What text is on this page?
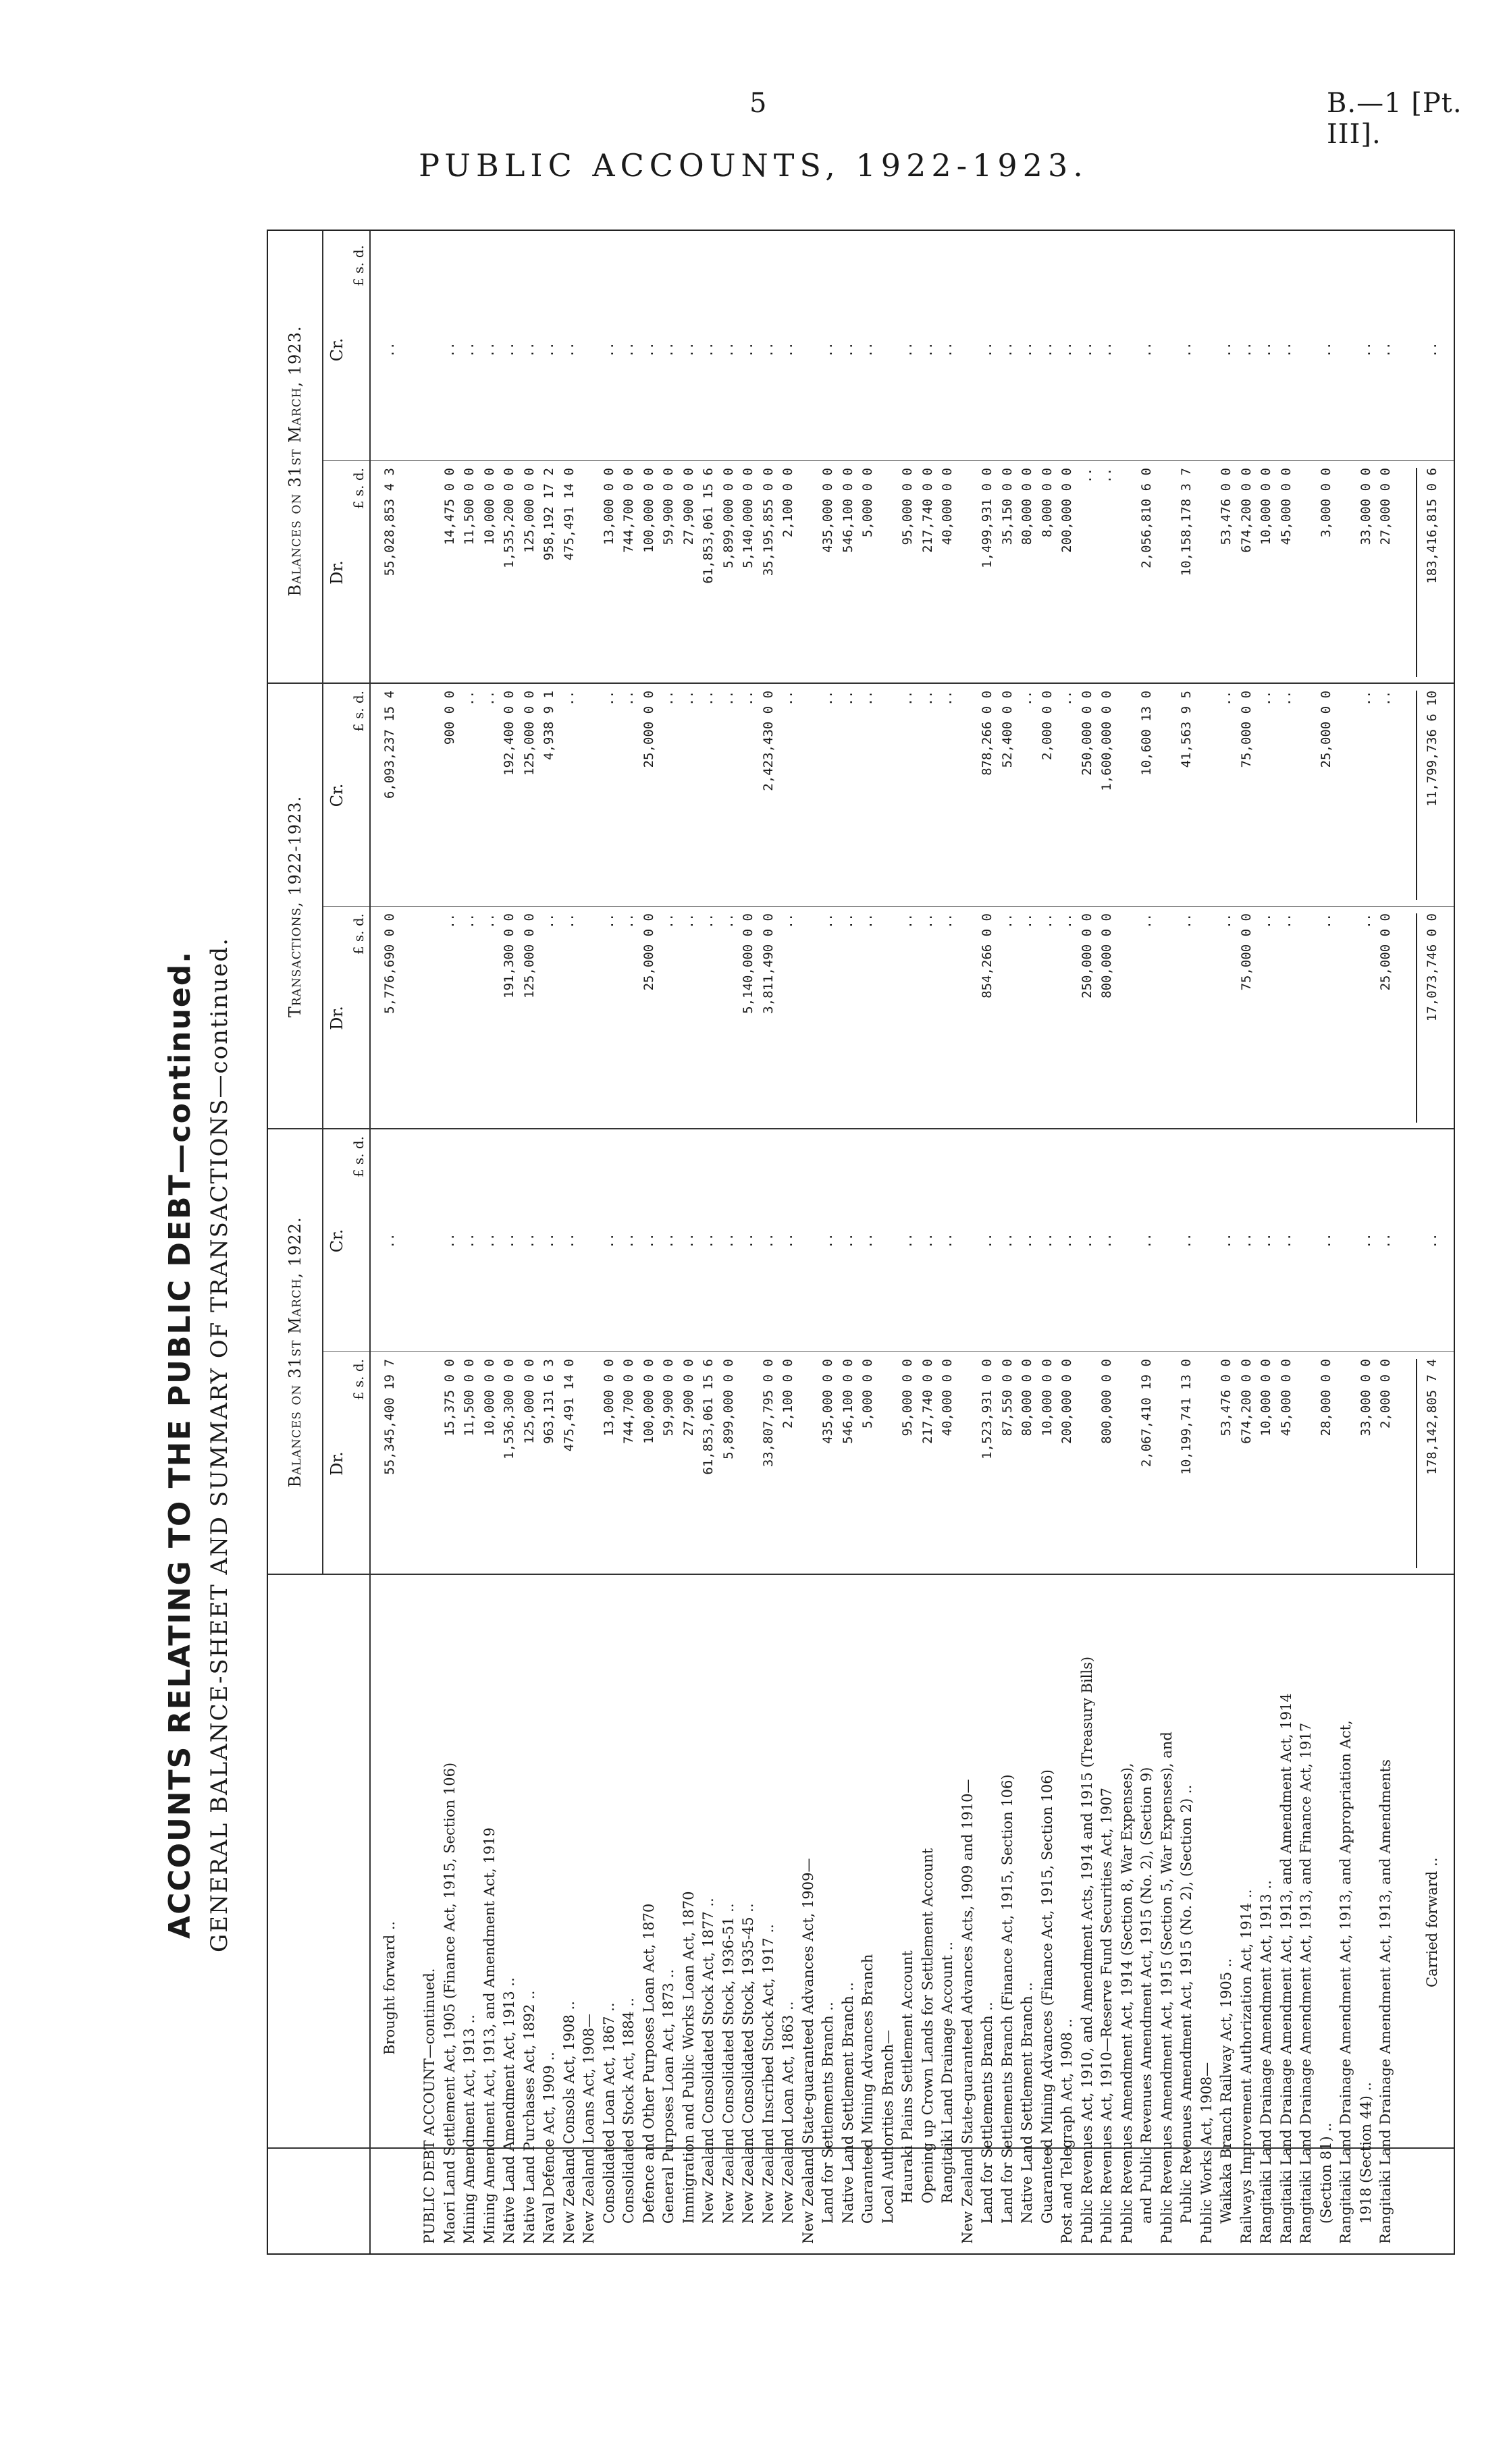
5	B.—1 [Pt. III].
PUBLIC ACCOUNTS, 1922-1923.
ACCOUNTS RELATING TO THE PUBLIC DEBT—continued. GENERAL BALANCE-SHEET AND SUMMARY OF TRANSACTIONS—continued.	Balances on 31st March, 1922.
Transactions, 1922-1923.
Balances on 31st March, 1923.
Dr.
Cr.
Dr.
Cr.
Dr.
Cr.
£ s. d.
£ s. d.
£ s. d.
£ s. d.
£ s. d.
£ s. d.
Brought forward ..
55,345,400 19 7
..
5,776,690 0 0
6,093,237 15 4
55,028,853 4 3
..
PUBLIC DEBT ACCOUNT—continued. Maori Land Settlement Act, 1905 (Finance Act, 1915, Section 106)
15,375 0 0
..
..
900 0 0
14,475 0 0
..
Mining Amendment Act, 1913 ..
11,500 0 0
..
..
..
11,500 0 0
..
Mining Amendment Act, 1913, and Amendment Act, 1919
10,000 0 0
..
..
..
10,000 0 0
..
Native Land Amendment Act, 1913 ..
1,536,300 0 0
..
191,300 0 0
192,400 0 0
1,535,200 0 0
..
Native Land Purchases Act, 1892 ..
125,000 0 0
..
125,000 0 0
125,000 0 0
125,000 0 0
..
Naval Defence Act, 1909 ..
963,131 6 3
..
..
4,938 9 1
958,192 17 2
..
New Zealand Consols Act, 1908 ..
475,491 14 0
..
..
..
475,491 14 0
..
New Zealand Loans Act, 1908— Consolidated Loan Act, 1867 ..
13,000 0 0
..
..
..
13,000 0 0
..
Consolidated Stock Act, 1884 ..
744,700 0 0
..
..
..
744,700 0 0
..
Defence and Other Purposes Loan Act, 1870
100,000 0 0
..
25,000 0 0
25,000 0 0
100,000 0 0
..
General Purposes Loan Act, 1873 ..
59,900 0 0
..
..
..
59,900 0 0
..
Immigration and Public Works Loan Act, 1870
27,900 0 0
..
..
..
27,900 0 0
..
New Zealand Consolidated Stock Act, 1877 ..
61,853,061 15 6
..
..
..
61,853,061 15 6
..
New Zealand Consolidated Stock, 1936-51 ..
5,899,000 0 0
..
..
..
5,899,000 0 0
..
New Zealand Consolidated Stock, 1935-45 ..
..
5,140,000 0 0
..
5,140,000 0 0
..
New Zealand Inscribed Stock Act, 1917 ..
33,807,795 0 0
..
3,811,490 0 0
2,423,430 0 0
35,195,855 0 0
..
New Zealand Loan Act, 1863 ..
2,100 0 0
..
..
..
2,100 0 0
..
New Zealand State-guaranteed Advances Act, 1909— Land for Settlements Branch ..
435,000 0 0
..
..
..
435,000 0 0
..
Native Land Settlement Branch ..
546,100 0 0
..
..
..
546,100 0 0
..
Guaranteed Mining Advances Branch
5,000 0 0
..
..
..
5,000 0 0
..
Local Authorities Branch— Hauraki Plains Settlement Account
95,000 0 0
..
..
..
95,000 0 0
..
Opening up Crown Lands for Settlement Account
217,740 0 0
..
..
..
217,740 0 0
..
Rangitaiki Land Drainage Account ..
40,000 0 0
..
..
..
40,000 0 0
..
New Zealand State-guaranteed Advances Acts, 1909 and 1910— Land for Settlements Branch ..
1,523,931 0 0
..
854,266 0 0
878,266 0 0
1,499,931 0 0
..
Land for Settlements Branch (Finance Act, 1915, Section 106)
87,550 0 0
..
..
52,400 0 0
35,150 0 0
..
Native Land Settlement Branch ..
80,000 0 0
..
..
..
80,000 0 0
..
Guaranteed Mining Advances (Finance Act, 1915, Section 106)
10,000 0 0
..
..
2,000 0 0
8,000 0 0
..
Post and Telegraph Act, 1908 ..
200,000 0 0
..
..
..
200,000 0 0
..
Public Revenues Act, 1910, and Amendment Acts, 1914 and 1915 (Treasury Bills)
..
250,000 0 0
250,000 0 0
..
..
Public Revenues Act, 1910—Reserve Fund Securities Act, 1907
800,000 0 0
..
800,000 0 0
1,600,000 0 0
..
..
Public Revenues Amendment Act, 1914 (Section 8, War Expenses), and Public Revenues Amendment Act, 1915 (No. 2), (Section 9)
2,067,410 19 0
..
..
10,600 13 0
2,056,810 6 0
..
Public Revenues Amendment Act, 1915 (Section 5, War Expenses), and Public Revenues Amendment Act, 1915 (No. 2), (Section 2) ..
10,199,741 13 0
..
..
41,563 9 5
10,158,178 3 7
..
Public Works Act, 1908— Waikaka Branch Railway Act, 1905 ..
53,476 0 0
..
..
..
53,476 0 0
..
Railways Improvement Authorization Act, 1914 ..
674,200 0 0
..
75,000 0 0
75,000 0 0
674,200 0 0
..
Rangitaiki Land Drainage Amendment Act, 1913 ..
10,000 0 0
..
..
..
10,000 0 0
..
Rangitaiki Land Drainage Amendment Act, 1913, and Amendment Act, 1914
45,000 0 0
..
..
..
45,000 0 0
..
Rangitaiki Land Drainage Amendment Act, 1913, and Finance Act, 1917 (Section 81) ..
28,000 0 0
..
..
25,000 0 0
3,000 0 0
..
Rangitaiki Land Drainage Amendment Act, 1913, and Appropriation Act, 1918 (Section 44) ..
33,000 0 0
..
..
..
33,000 0 0
..
Rangitaiki Land Drainage Amendment Act, 1913, and Amendments
2,000 0 0
..
25,000 0 0
..
27,000 0 0
..
Carried forward ..
178,142,805 7 4
..
17,073,746 0 0
11,799,736 6 10
183,416,815 0 6
..
